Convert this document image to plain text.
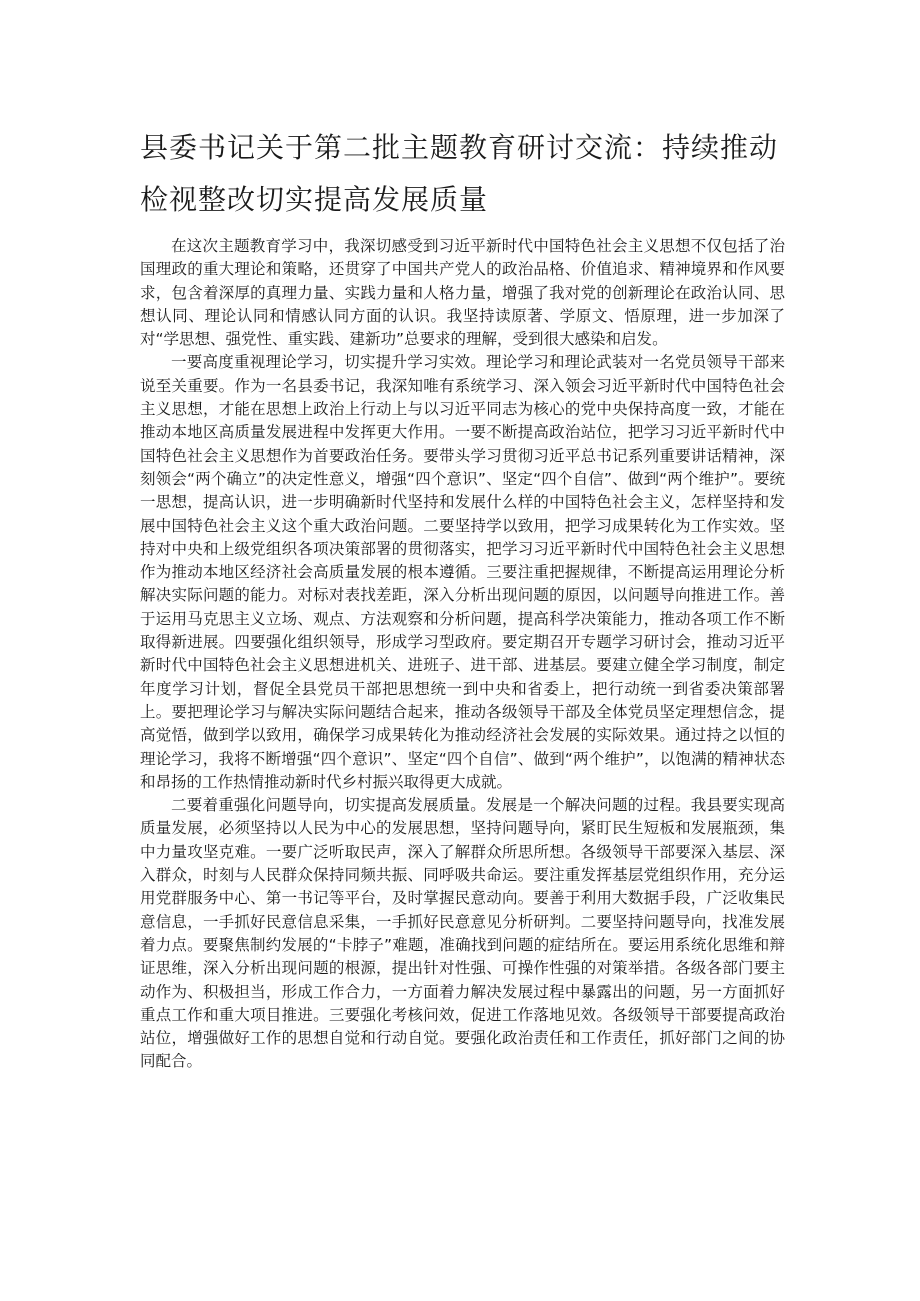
县委书记关于第二批主题教育研讨交流：持续推动检视整改切实提高发展质量

在这次主题教育学习中，我深切感受到习近平新时代中国特色社会主义思想不仅包括了治国理政的重大理论和策略，还贯穿了中国共产党人的政治品格、价值追求、精神境界和作风要求，包含着深厚的真理力量、实践力量和人格力量，增强了我对党的创新理论在政治认同、思想认同、理论认同和情感认同方面的认识。我坚持读原著、学原文、悟原理，进一步加深了对“学思想、强党性、重实践、建新功”总要求的理解，受到很大感染和启发。

一要高度重视理论学习，切实提升学习实效。理论学习和理论武装对一名党员领导干部来说至关重要。作为一名县委书记，我深知唯有系统学习、深入领会习近平新时代中国特色社会主义思想，才能在思想上政治上行动上与以习近平同志为核心的党中央保持高度一致，才能在推动本地区高质量发展进程中发挥更大作用。一要不断提高政治站位，把学习习近平新时代中国特色社会主义思想作为首要政治任务。要带头学习贯彻习近平总书记系列重要讲话精神，深刻领会“两个确立”的决定性意义，增强“四个意识”、坚定“四个自信”、做到“两个维护”。要统一思想，提高认识，进一步明确新时代坚持和发展什么样的中国特色社会主义，怎样坚持和发展中国特色社会主义这个重大政治问题。二要坚持学以致用，把学习成果转化为工作实效。坚持对中央和上级党组织各项决策部署的贯彻落实，把学习习近平新时代中国特色社会主义思想作为推动本地区经济社会高质量发展的根本遵循。三要注重把握规律，不断提高运用理论分析解决实际问题的能力。对标对表找差距，深入分析出现问题的原因，以问题导向推进工作。善于运用马克思主义立场、观点、方法观察和分析问题，提高科学决策能力，推动各项工作不断取得新进展。四要强化组织领导，形成学习型政府。要定期召开专题学习研讨会，推动习近平新时代中国特色社会主义思想进机关、进班子、进干部、进基层。要建立健全学习制度，制定年度学习计划，督促全县党员干部把思想统一到中央和省委上，把行动统一到省委决策部署上。要把理论学习与解决实际问题结合起来，推动各级领导干部及全体党员坚定理想信念，提高觉悟，做到学以致用，确保学习成果转化为推动经济社会发展的实际效果。通过持之以恒的理论学习，我将不断增强“四个意识”、坚定“四个自信”、做到“两个维护”，以饱满的精神状态和昂扬的工作热情推动新时代乡村振兴取得更大成就。

二要着重强化问题导向，切实提高发展质量。发展是一个解决问题的过程。我县要实现高质量发展，必须坚持以人民为中心的发展思想，坚持问题导向，紧盯民生短板和发展瓶颈，集中力量攻坚克难。一要广泛听取民声，深入了解群众所思所想。各级领导干部要深入基层、深入群众，时刻与人民群众保持同频共振、同呼吸共命运。要注重发挥基层党组织作用，充分运用党群服务中心、第一书记等平台，及时掌握民意动向。要善于利用大数据手段，广泛收集民意信息，一手抓好民意信息采集，一手抓好民意意见分析研判。二要坚持问题导向，找准发展着力点。要聚焦制约发展的“卡脖子”难题，准确找到问题的症结所在。要运用系统化思维和辩证思维，深入分析出现问题的根源，提出针对性强、可操作性强的对策举措。各级各部门要主动作为、积极担当，形成工作合力，一方面着力解决发展过程中暴露出的问题，另一方面抓好重点工作和重大项目推进。三要强化考核问效，促进工作落地见效。各级领导干部要提高政治站位，增强做好工作的思想自觉和行动自觉。要强化政治责任和工作责任，抓好部门之间的协同配合。
